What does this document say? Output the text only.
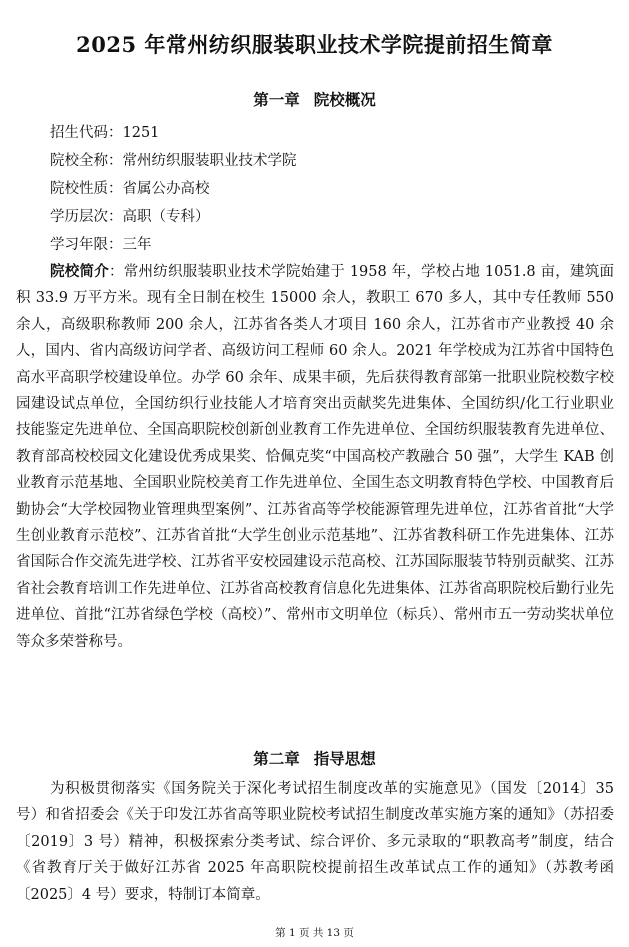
2025 年常州纺织服装职业技术学院提前招生简章
第一章 院校概况
招生代码：1251
院校全称：常州纺织服装职业技术学院
院校性质：省属公办高校
学历层次：高职（专科）
学习年限：三年

院校简介：常州纺织服装职业技术学院始建于 1958 年，学校占地 1051.8 亩，建筑面积 33.9 万平方米。现有全日制在校生 15000 余人，教职工 670 多人，其中专任教师 550 余人，高级职称教师 200 余人，江苏省各类人才项目 160 余人，江苏省市产业教授 40 余人，国内、省内高级访问学者、高级访问工程师 60 余人。2021 年学校成为江苏省中国特色高水平高职学校建设单位。办学 60 余年、成果丰硕，先后获得教育部第一批职业院校数字校园建设试点单位，全国纺织行业技能人才培育突出贡献奖先进集体、全国纺织/化工行业职业技能鉴定先进单位、全国高职院校创新创业教育工作先进单位、全国纺织服装教育先进单位、教育部高校校园文化建设优秀成果奖、恰佩克奖“中国高校产教融合 50 强”，大学生 KAB 创业教育示范基地、全国职业院校美育工作先进单位、全国生态文明教育特色学校、中国教育后勤协会“大学校园物业管理典型案例”、江苏省高等学校能源管理先进单位，江苏省首批“大学生创业教育示范校”、江苏省首批“大学生创业示范基地”、江苏省教科研工作先进集体、江苏省国际合作交流先进学校、江苏省平安校园建设示范高校、江苏国际服装节特别贡献奖、江苏省社会教育培训工作先进单位、江苏省高校教育信息化先进集体、江苏省高职院校后勤行业先进单位、首批“江苏省绿色学校（高校）”、常州市文明单位（标兵）、常州市五一劳动奖状单位等众多荣誉称号。

第二章 指导思想

为积极贯彻落实《国务院关于深化考试招生制度改革的实施意见》（国发〔2014〕35 号）和省招委会《关于印发江苏省高等职业院校考试招生制度改革实施方案的通知》（苏招委〔2019〕3 号）精神，积极探索分类考试、综合评价、多元录取的“职教高考”制度，结合《省教育厅关于做好江苏省 2025 年高职院校提前招生改革试点工作的通知》（苏教考函〔2025〕4 号）要求，特制订本简章。

第 1 页 共 13 页
